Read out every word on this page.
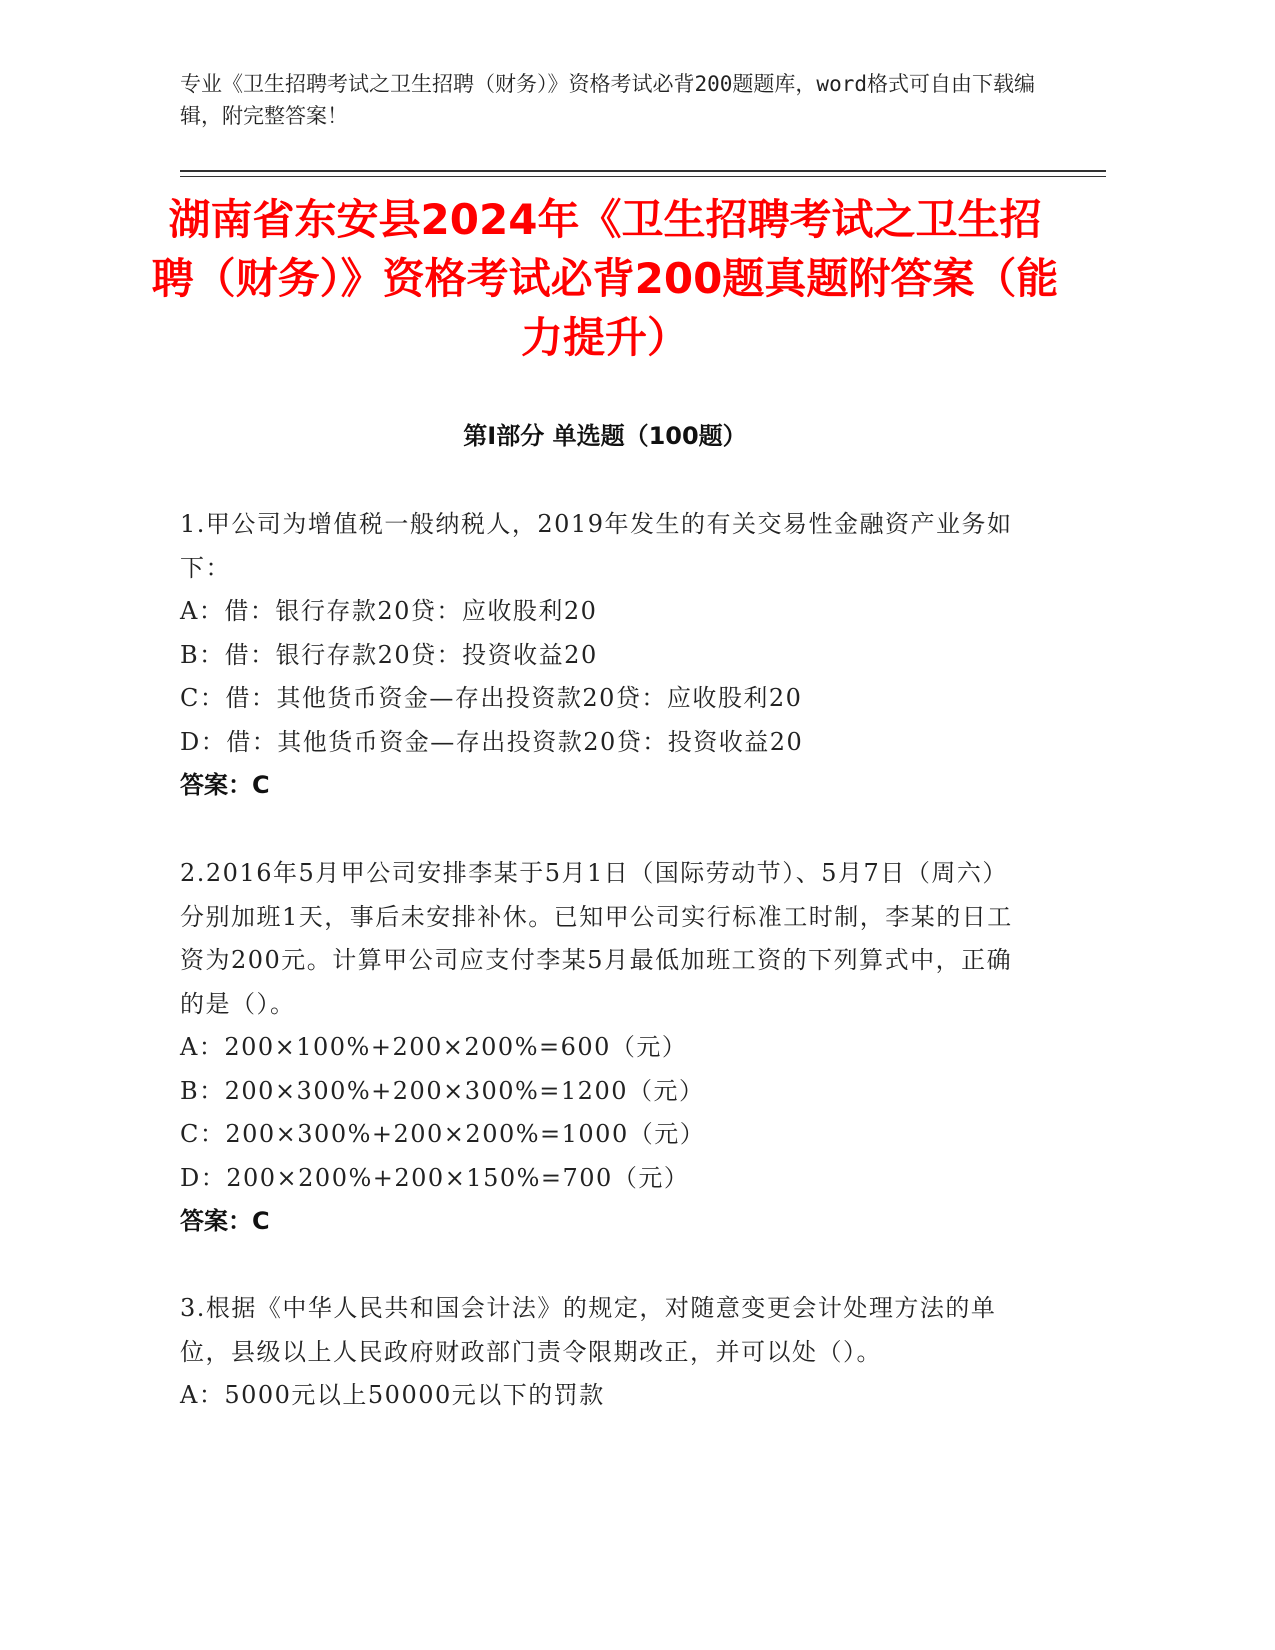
专业《卫生招聘考试之卫生招聘（财务）》资格考试必背200题题库，word格式可自由下载编辑，附完整答案！
湖南省东安县2024年《卫生招聘考试之卫生招聘（财务）》资格考试必背200题真题附答案（能力提升）
第Ⅰ部分 单选题（100题）
1.甲公司为增值税一般纳税人，2019年发生的有关交易性金融资产业务如下：
A：借：银行存款20贷：应收股利20
B：借：银行存款20贷：投资收益20
C：借：其他货币资金—存出投资款20贷：应收股利20
D：借：其他货币资金—存出投资款20贷：投资收益20
答案：C
2.2016年5月甲公司安排李某于5月1日（国际劳动节）、5月7日（周六）分别加班1天，事后未安排补休。已知甲公司实行标准工时制，李某的日工资为200元。计算甲公司应支付李某5月最低加班工资的下列算式中，正确的是（）。
A：200×100%+200×200%=600（元）
B：200×300%+200×300%=1200（元）
C：200×300%+200×200%=1000（元）
D：200×200%+200×150%=700（元）
答案：C
3.根据《中华人民共和国会计法》的规定，对随意变更会计处理方法的单位，县级以上人民政府财政部门责令限期改正，并可以处（）。
A：5000元以上50000元以下的罚款
